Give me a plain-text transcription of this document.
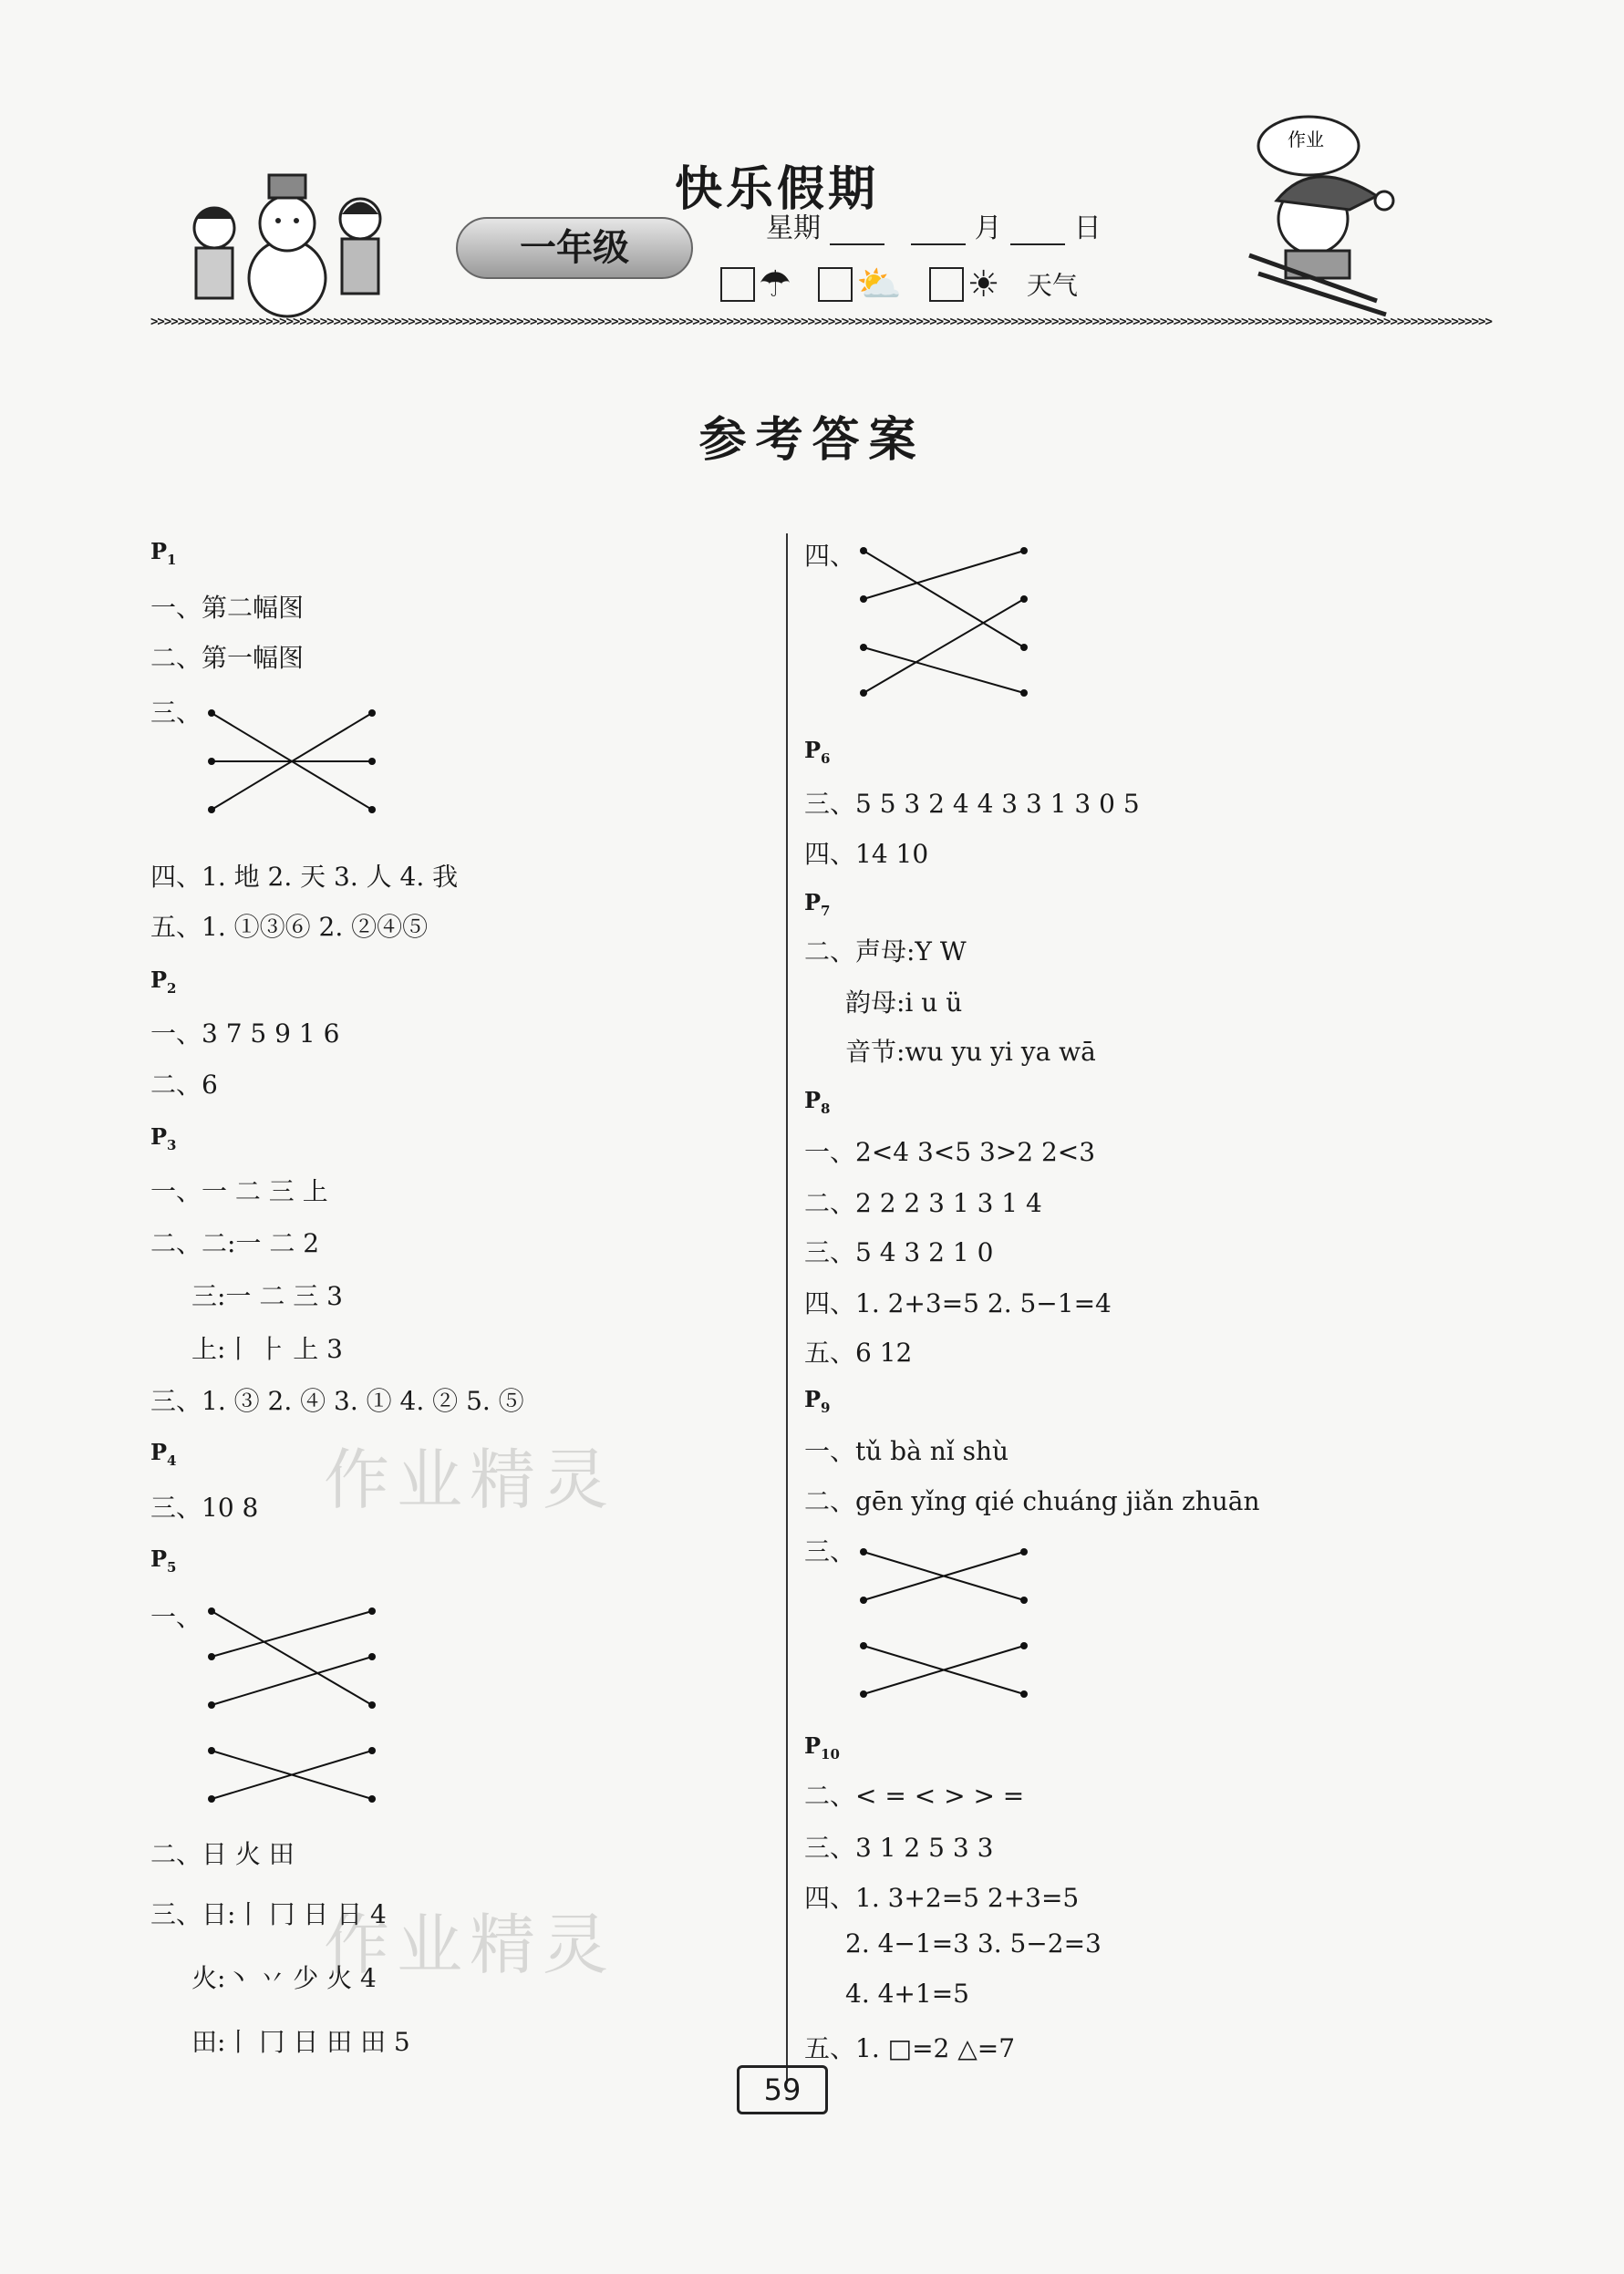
快乐假期
星期	月	日
一年级
☂ ⛅ ☀ 天气
作业
>>>>>>>>>>>>>>>>>>>>>>>>>>>>>>>>>>>>>>>>>>>>>>>>>>>>>>>>>>>>>>>>>>>>>>>>>>>>>>>>>>>>>>>>>>>>>>>>>>>>>>>>>>>>>>>>>>>>>>>>>>>>>>>>>>>>>>>>>>>>>>>>>>>>>>>>>>>>>>>>>>>>>>>>>>>>>>>>>>>>>>>>>>>>>>>>>>>>>>
参考答案
作业精灵
作业精灵
$P_1$
一、第二幅图
二、第一幅图
三、
四、1. 地 2. 天 3. 人 4. 我
五、1. ①③⑥ 2. ②④⑤
$P_2$
一、3 7 5 9 1 6
二、6
$P_3$
一、一 二 三 上
二、二:一 二 2
三:一 二 三 3
上:丨 ⺊ 上 3
三、1. ③ 2. ④ 3. ① 4. ② 5. ⑤
$P_4$
三、10 8
$P_5$
一、
二、日 火 田
三、日:丨 冂 日 日 4
火:丶 丷 少 火 4
田:丨 冂 日 田 田 5
四、
$P_6$
三、5 5 3 2 4 4 3 3 1 3 0 5
四、14 10
$P_7$
二、声母:Y W
韵母:i u ü
音节:wu yu yi ya wā
$P_8$
一、2<4 3<5 3>2 2<3
二、2 2 2 3 1 3 1 4
三、5 4 3 2 1 0
四、1. 2+3=5 2. 5−1=4
五、6 12
$P_9$
一、tǔ bà nǐ shù
二、gēn yǐng qié chuáng jiǎn zhuān
三、
$P_{10}$
二、< = < > > =
三、3 1 2 5 3 3
四、1. 3+2=5 2+3=5
2. 4−1=3 3. 5−2=3
4. 4+1=5
五、1. □=2 △=7
59
